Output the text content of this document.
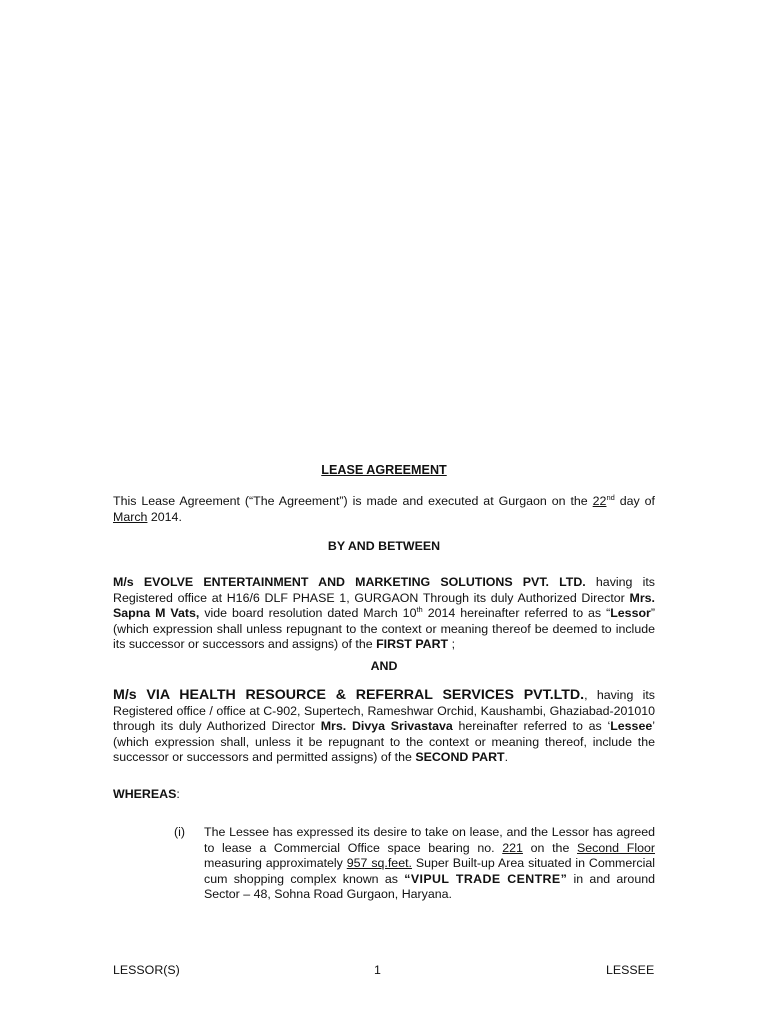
LEASE AGREEMENT
This Lease Agreement (“The Agreement”) is made and executed at Gurgaon on the 22nd day of March 2014.
BY AND BETWEEN
M/s EVOLVE ENTERTAINMENT AND MARKETING SOLUTIONS PVT. LTD. having its Registered office at H16/6 DLF PHASE 1, GURGAON Through its duly Authorized Director Mrs. Sapna M Vats, vide board resolution dated March 10th 2014 hereinafter referred to as “Lessor” (which expression shall unless repugnant to the context or meaning thereof be deemed to include its successor or successors and assigns) of the FIRST PART ;
AND
M/s VIA HEALTH RESOURCE & REFERRAL SERVICES PVT.LTD., having its Registered office / office at C-902, Supertech, Rameshwar Orchid, Kaushambi, Ghaziabad-201010 through its duly Authorized Director Mrs. Divya Srivastava hereinafter referred to as ‘Lessee’ (which expression shall, unless it be repugnant to the context or meaning thereof, include the successor or successors and permitted assigns) of the SECOND PART.
WHEREAS:
(i) The Lessee has expressed its desire to take on lease, and the Lessor has agreed to lease a Commercial Office space bearing no. 221 on the Second Floor measuring approximately 957 sq.feet. Super Built-up Area situated in Commercial cum shopping complex known as “VIPUL TRADE CENTRE” in and around Sector – 48, Sohna Road Gurgaon, Haryana.
LESSOR(S)	1	LESSEE
